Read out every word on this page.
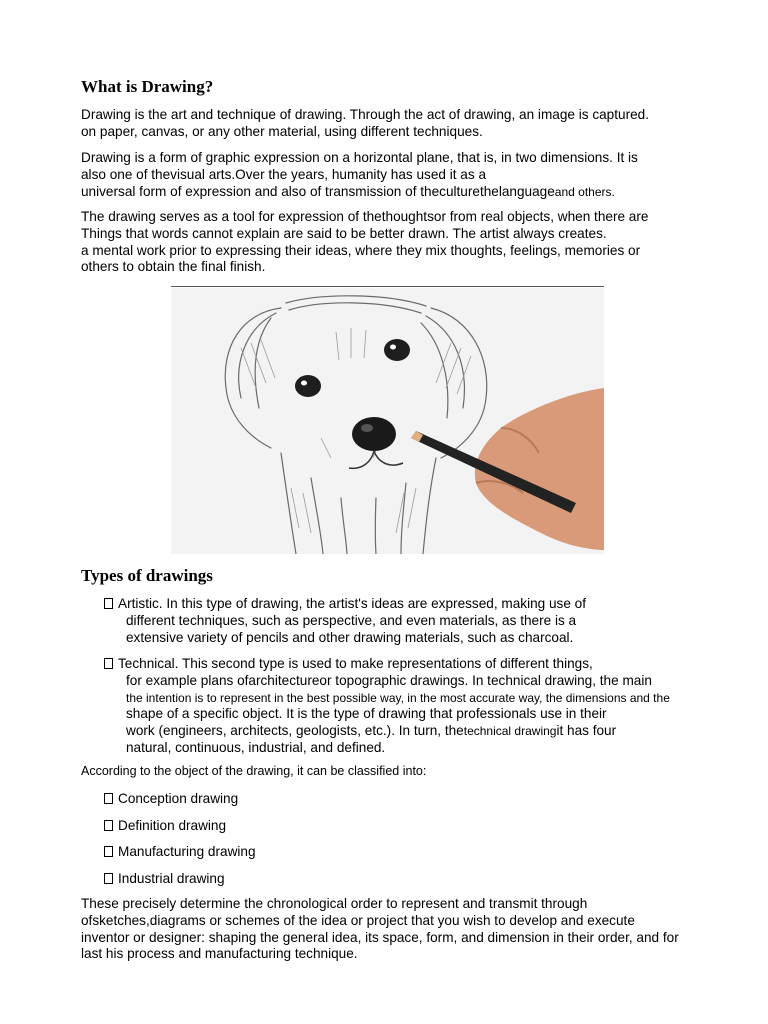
What is Drawing?
Drawing is the art and technique of drawing. Through the act of drawing, an image is captured.
on paper, canvas, or any other material, using different techniques.
Drawing is a form of graphic expression on a horizontal plane, that is, in two dimensions. It is
also one of thevisual arts.Over the years, humanity has used it as a
universal form of expression and also of transmission of theculturethelanguageand others.
The drawing serves as a tool for expression of thethoughtsor from real objects, when there are
Things that words cannot explain are said to be better drawn. The artist always creates.
a mental work prior to expressing their ideas, where they mix thoughts, feelings, memories or
others to obtain the final finish.
Types of drawings
Artistic. In this type of drawing, the artist's ideas are expressed, making use of
different techniques, such as perspective, and even materials, as there is a
extensive variety of pencils and other drawing materials, such as charcoal.
Technical. This second type is used to make representations of different things,
for example plans ofarchitectureor topographic drawings. In technical drawing, the main
the intention is to represent in the best possible way, in the most accurate way, the dimensions and the
shape of a specific object. It is the type of drawing that professionals use in their
work (engineers, architects, geologists, etc.). In turn, thetechnical drawingit has four
natural, continuous, industrial, and defined.
According to the object of the drawing, it can be classified into:
Conception drawing
Definition drawing
Manufacturing drawing
Industrial drawing
These precisely determine the chronological order to represent and transmit through
ofsketches,diagrams or schemes of the idea or project that you wish to develop and execute
inventor or designer: shaping the general idea, its space, form, and dimension in their order, and for
last his process and manufacturing technique.
